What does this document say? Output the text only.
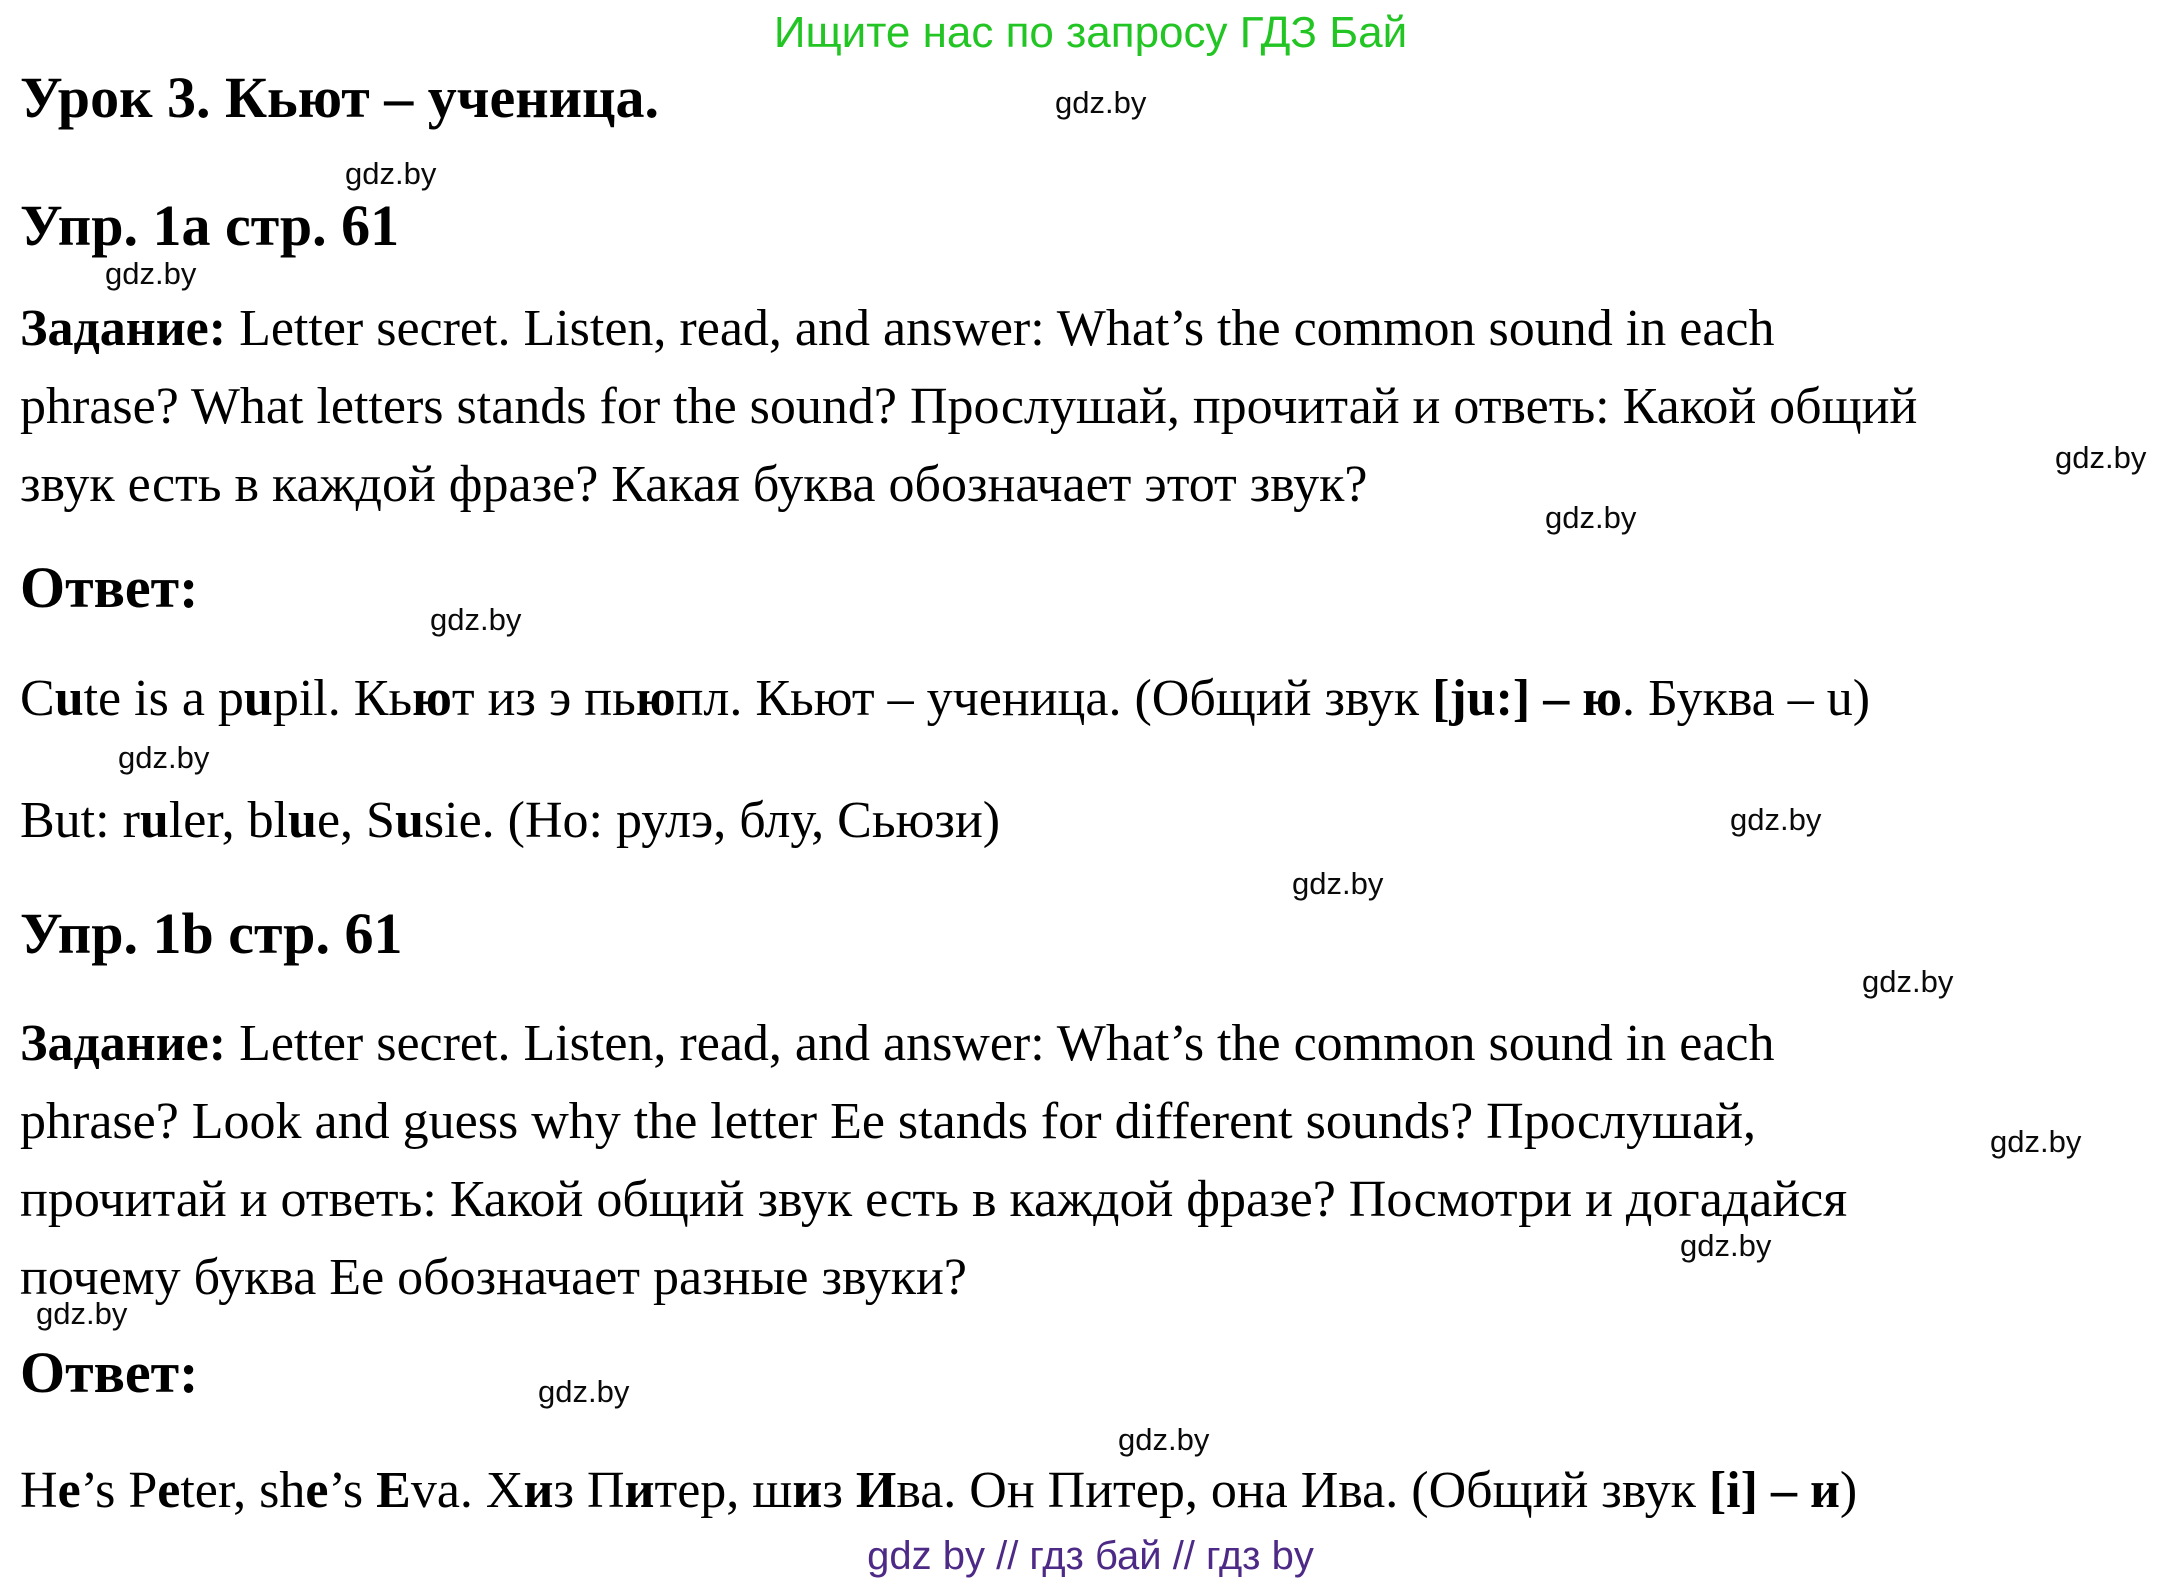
Ищите нас по запросу ГДЗ Бай
Урок 3. Кьют – ученица.
Упр. 1а стр. 61
Задание: Letter secret. Listen, read, and answer: What’s the common sound in each
phrase? What letters stands for the sound? Прослушай, прочитай и ответь: Какой общий
звук есть в каждой фразе? Какая буква обозначает этот звук?
Ответ:
Cute is a pupil. Кьют из э пьюпл. Кьют – ученица. (Общий звук [ju:] – ю. Буква – u)
But: ruler, blue, Susie. (Но: рулэ, блу, Сьюзи)
Упр. 1b стр. 61
Задание: Letter secret. Listen, read, and answer: What’s the common sound in each
phrase? Look and guess why the letter Ee stands for different sounds? Прослушай,
прочитай и ответь: Какой общий звук есть в каждой фразе? Посмотри и догадайся
почему буква Ее обозначает разные звуки?
Ответ:
He’s Peter, she’s Eva. Хиз Питер, шиз Ива. Он Питер, она Ива. (Общий звук [i] – и)
gdz.by
gdz.by
gdz.by
gdz.by
gdz.by
gdz.by
gdz.by
gdz.by
gdz.by
gdz.by
gdz.by
gdz.by
gdz.by
gdz.by
gdz.by
gdz by // гдз бай // гдз by
